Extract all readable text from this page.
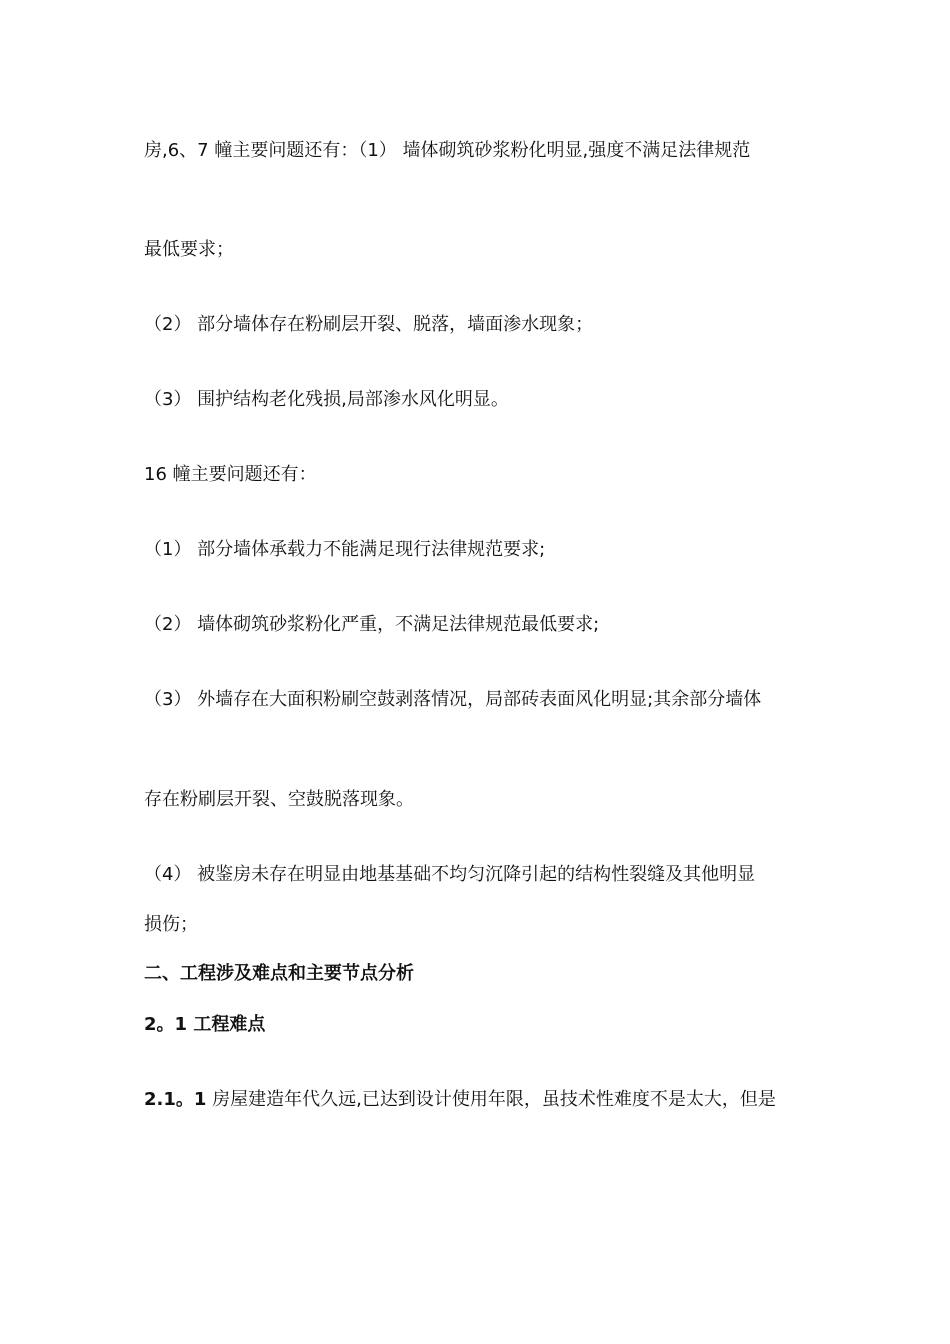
房,6、7 幢主要问题还有：（1） 墙体砌筑砂浆粉化明显,强度不满足法律规范
最低要求；
（2） 部分墙体存在粉刷层开裂、脱落，墙面渗水现象；
（3） 围护结构老化残损,局部渗水风化明显。
16 幢主要问题还有：
（1） 部分墙体承载力不能满足现行法律规范要求;
（2） 墙体砌筑砂浆粉化严重，不满足法律规范最低要求;
（3） 外墙存在大面积粉刷空鼓剥落情况，局部砖表面风化明显;其余部分墙体
存在粉刷层开裂、空鼓脱落现象。
（4） 被鉴房未存在明显由地基基础不均匀沉降引起的结构性裂缝及其他明显
损伤；
二、工程涉及难点和主要节点分析
2。1 工程难点
2.1。1 房屋建造年代久远,已达到设计使用年限，虽技术性难度不是太大，但是
